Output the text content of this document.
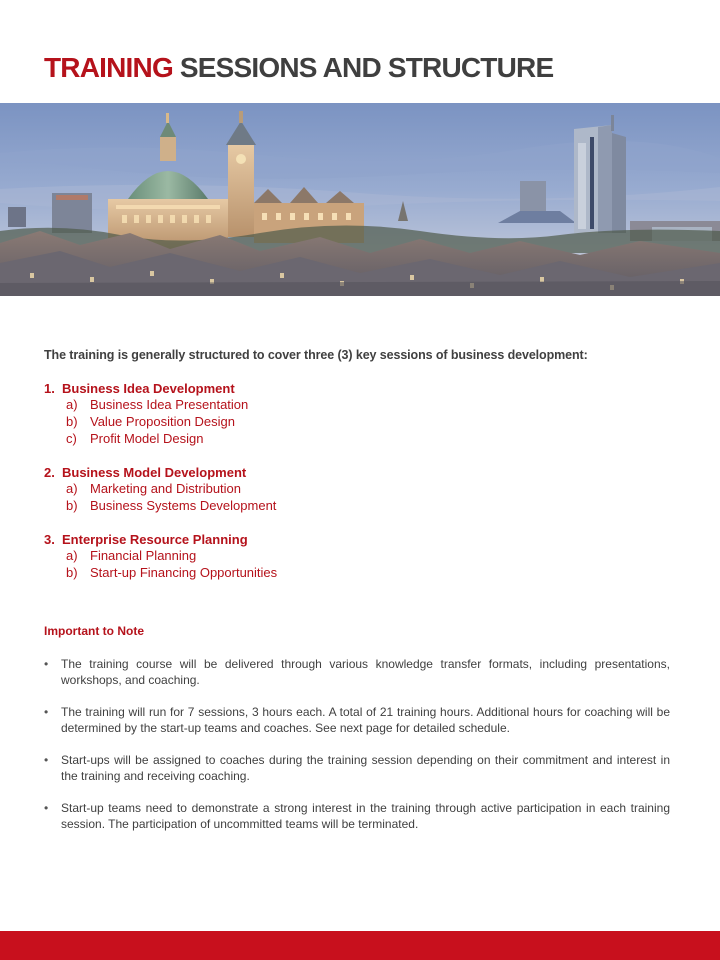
TRAINING SESSIONS AND STRUCTURE
The training is generally structured to cover three (3) key sessions of business development:
1. Business Idea Development
a) Business Idea Presentation
b) Value Proposition Design
c) Profit Model Design
2. Business Model Development
a) Marketing and Distribution
b) Business Systems Development
3. Enterprise Resource Planning
a) Financial Planning
b) Start-up Financing Opportunities
Important to Note
• The training course will be delivered through various knowledge transfer formats, including presentations, workshops, and coaching.
• The training will run for 7 sessions, 3 hours each. A total of 21 training hours. Additional hours for coaching will be determined by the start-up teams and coaches. See next page for detailed schedule.
• Start-ups will be assigned to coaches during the training session depending on their commitment and interest in the training and receiving coaching.
• Start-up teams need to demonstrate a strong interest in the training through active participation in each training session. The participation of uncommitted teams will be terminated.
